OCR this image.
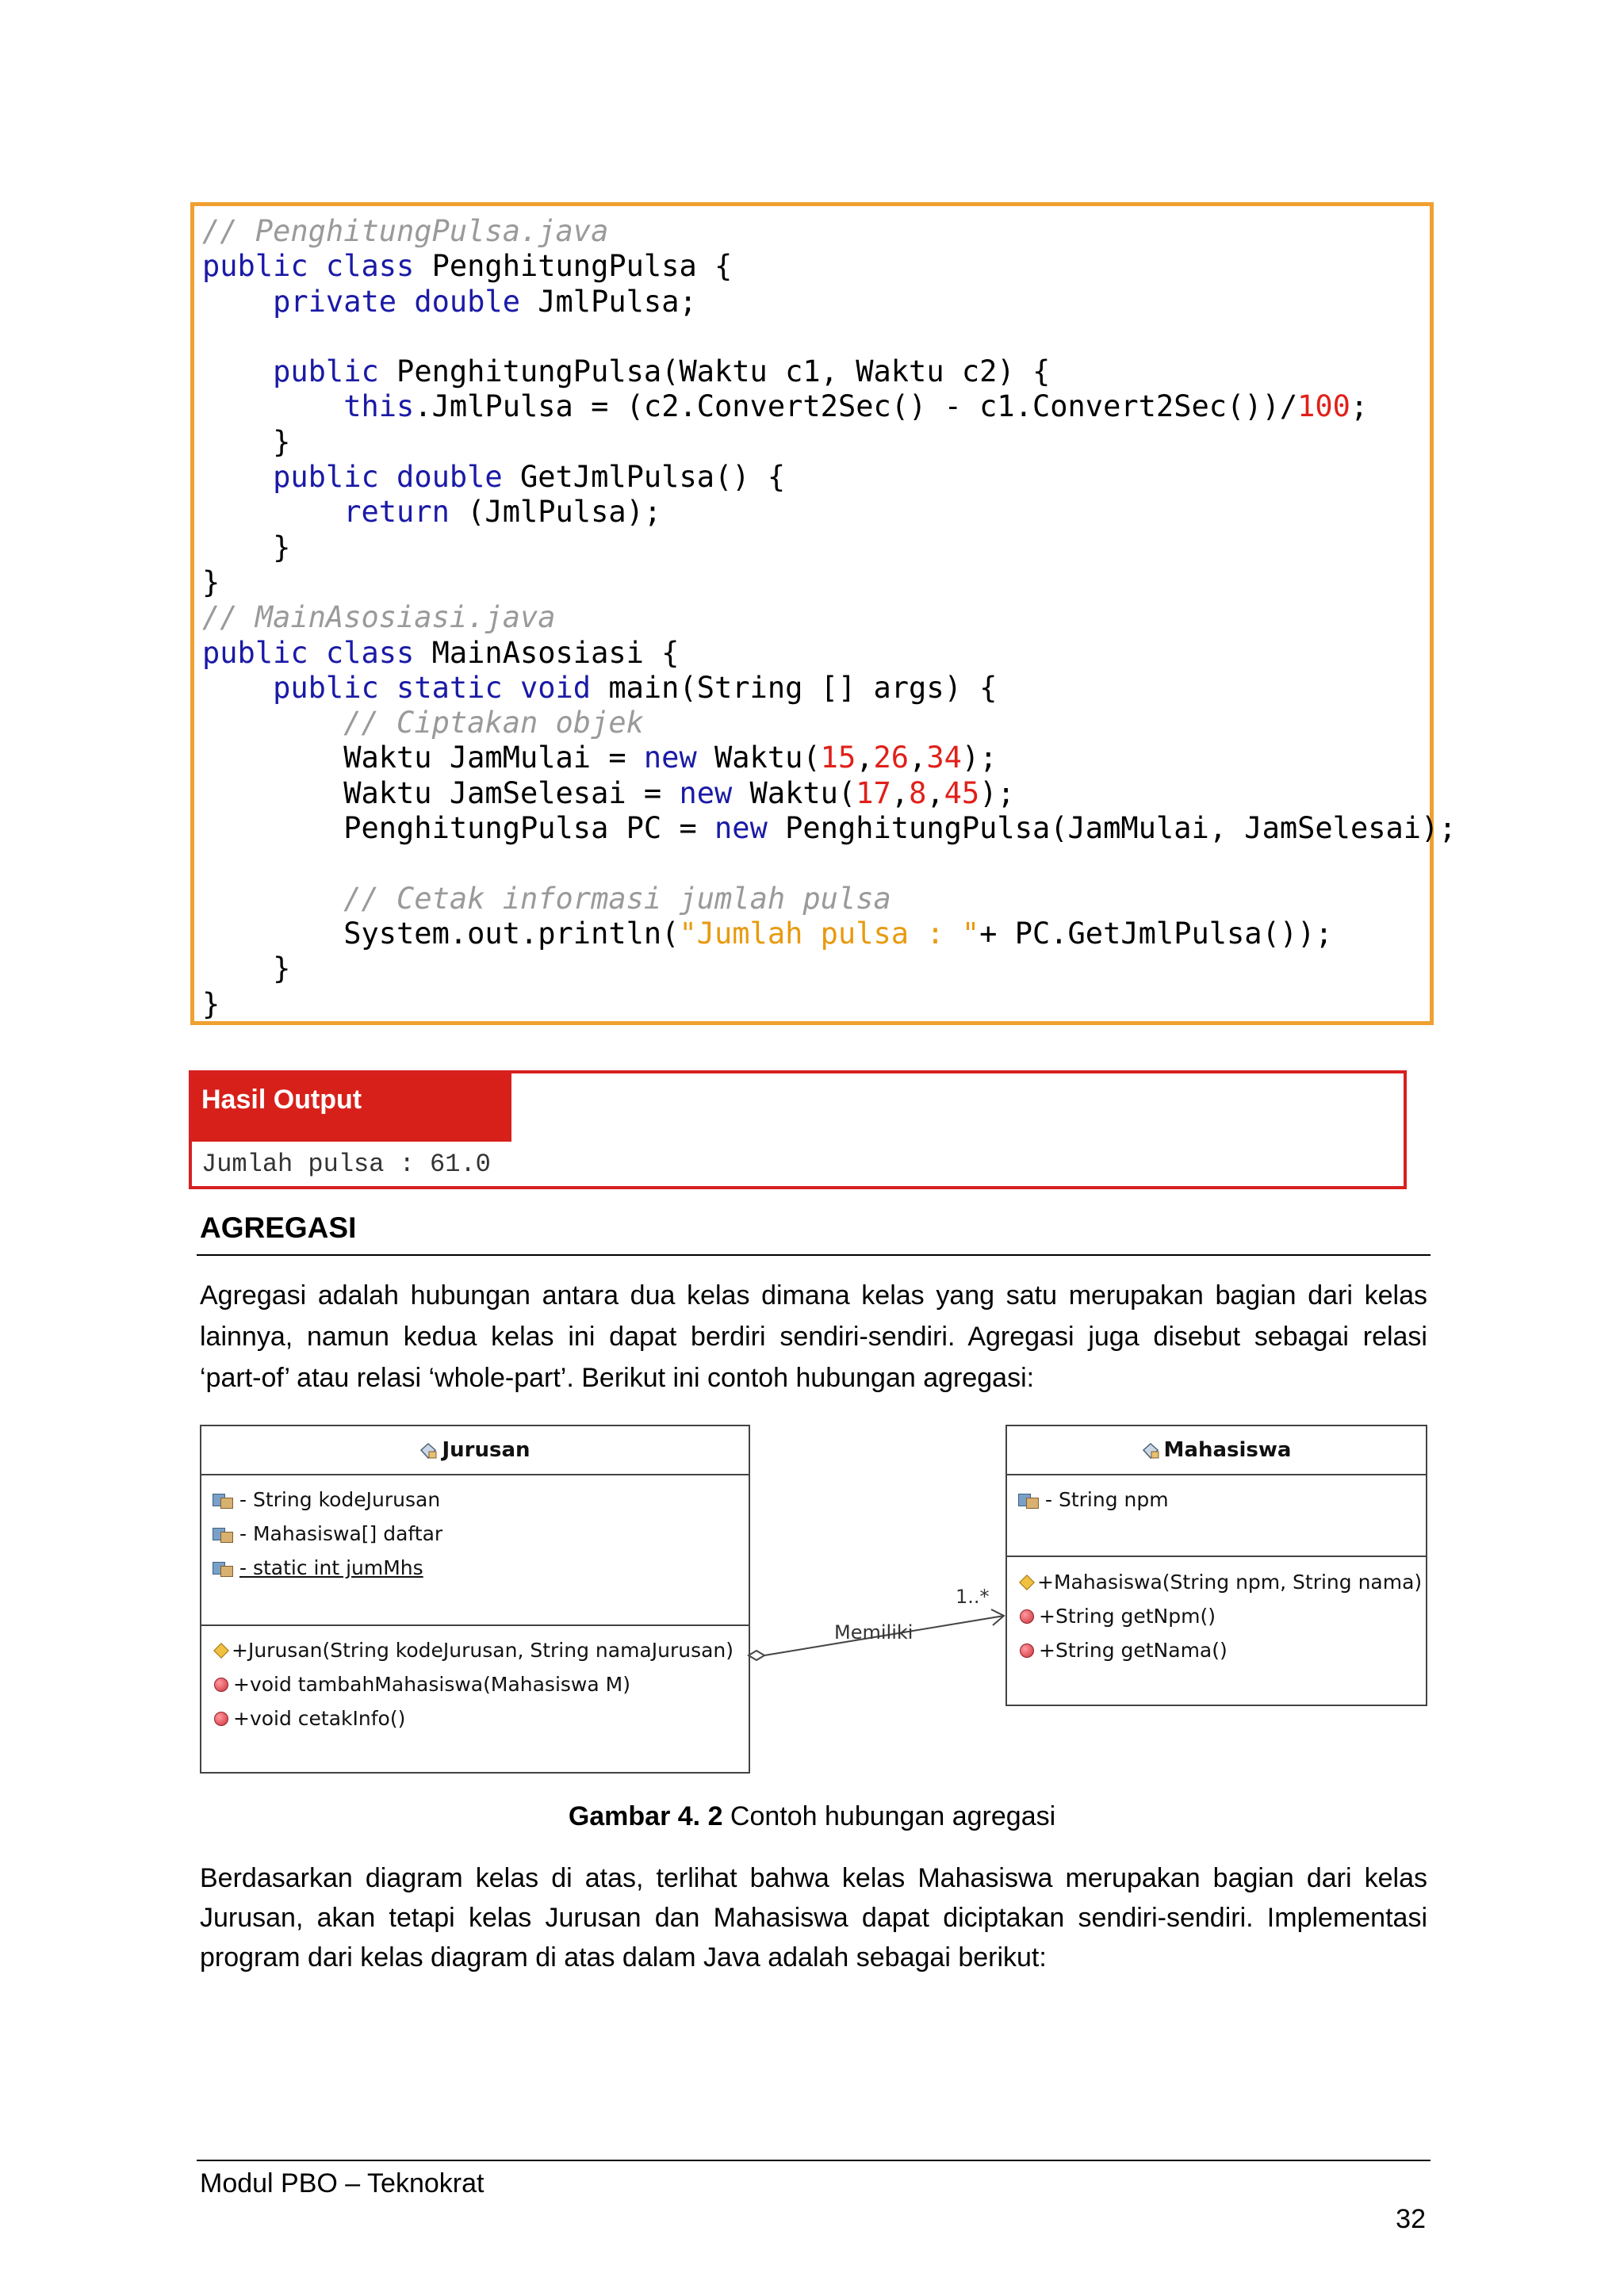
// PenghitungPulsa.java
public class PenghitungPulsa {
private double JmlPulsa;
public PenghitungPulsa(Waktu c1, Waktu c2) {
this.JmlPulsa = (c2.Convert2Sec() - c1.Convert2Sec())/100;
}
public double GetJmlPulsa() {
return (JmlPulsa);
}
}
// MainAsosiasi.java
public class MainAsosiasi {
public static void main(String [] args) {
// Ciptakan objek
Waktu JamMulai = new Waktu(15,26,34);
Waktu JamSelesai = new Waktu(17,8,45);
PenghitungPulsa PC = new PenghitungPulsa(JamMulai, JamSelesai);
// Cetak informasi jumlah pulsa
System.out.println("Jumlah pulsa : "+ PC.GetJmlPulsa());
}
}
Hasil Output
Jumlah pulsa : 61.0
AGREGASI
Agregasi adalah hubungan antara dua kelas dimana kelas yang satu merupakan bagian dari kelas
lainnya, namun kedua kelas ini dapat berdiri sendiri-sendiri. Agregasi juga disebut sebagai relasi
‘part-of’ atau relasi ‘whole-part’. Berikut ini contoh hubungan agregasi:
Jurusan
- String kodeJurusan
- Mahasiswa[] daftar
- static int jumMhs
+Jurusan(String kodeJurusan, String namaJurusan)
+void tambahMahasiswa(Mahasiswa M)
+void cetakInfo()
Mahasiswa
- String npm
+Mahasiswa(String npm, String nama)
+String getNpm()
+String getNama()
Memiliki
1..*
Gambar 4. 2 Contoh hubungan agregasi
Berdasarkan diagram kelas di atas, terlihat bahwa kelas Mahasiswa merupakan bagian dari kelas
Jurusan, akan tetapi kelas Jurusan dan Mahasiswa dapat diciptakan sendiri-sendiri. Implementasi
program dari kelas diagram di atas dalam Java adalah sebagai berikut:
Modul PBO – Teknokrat
32
